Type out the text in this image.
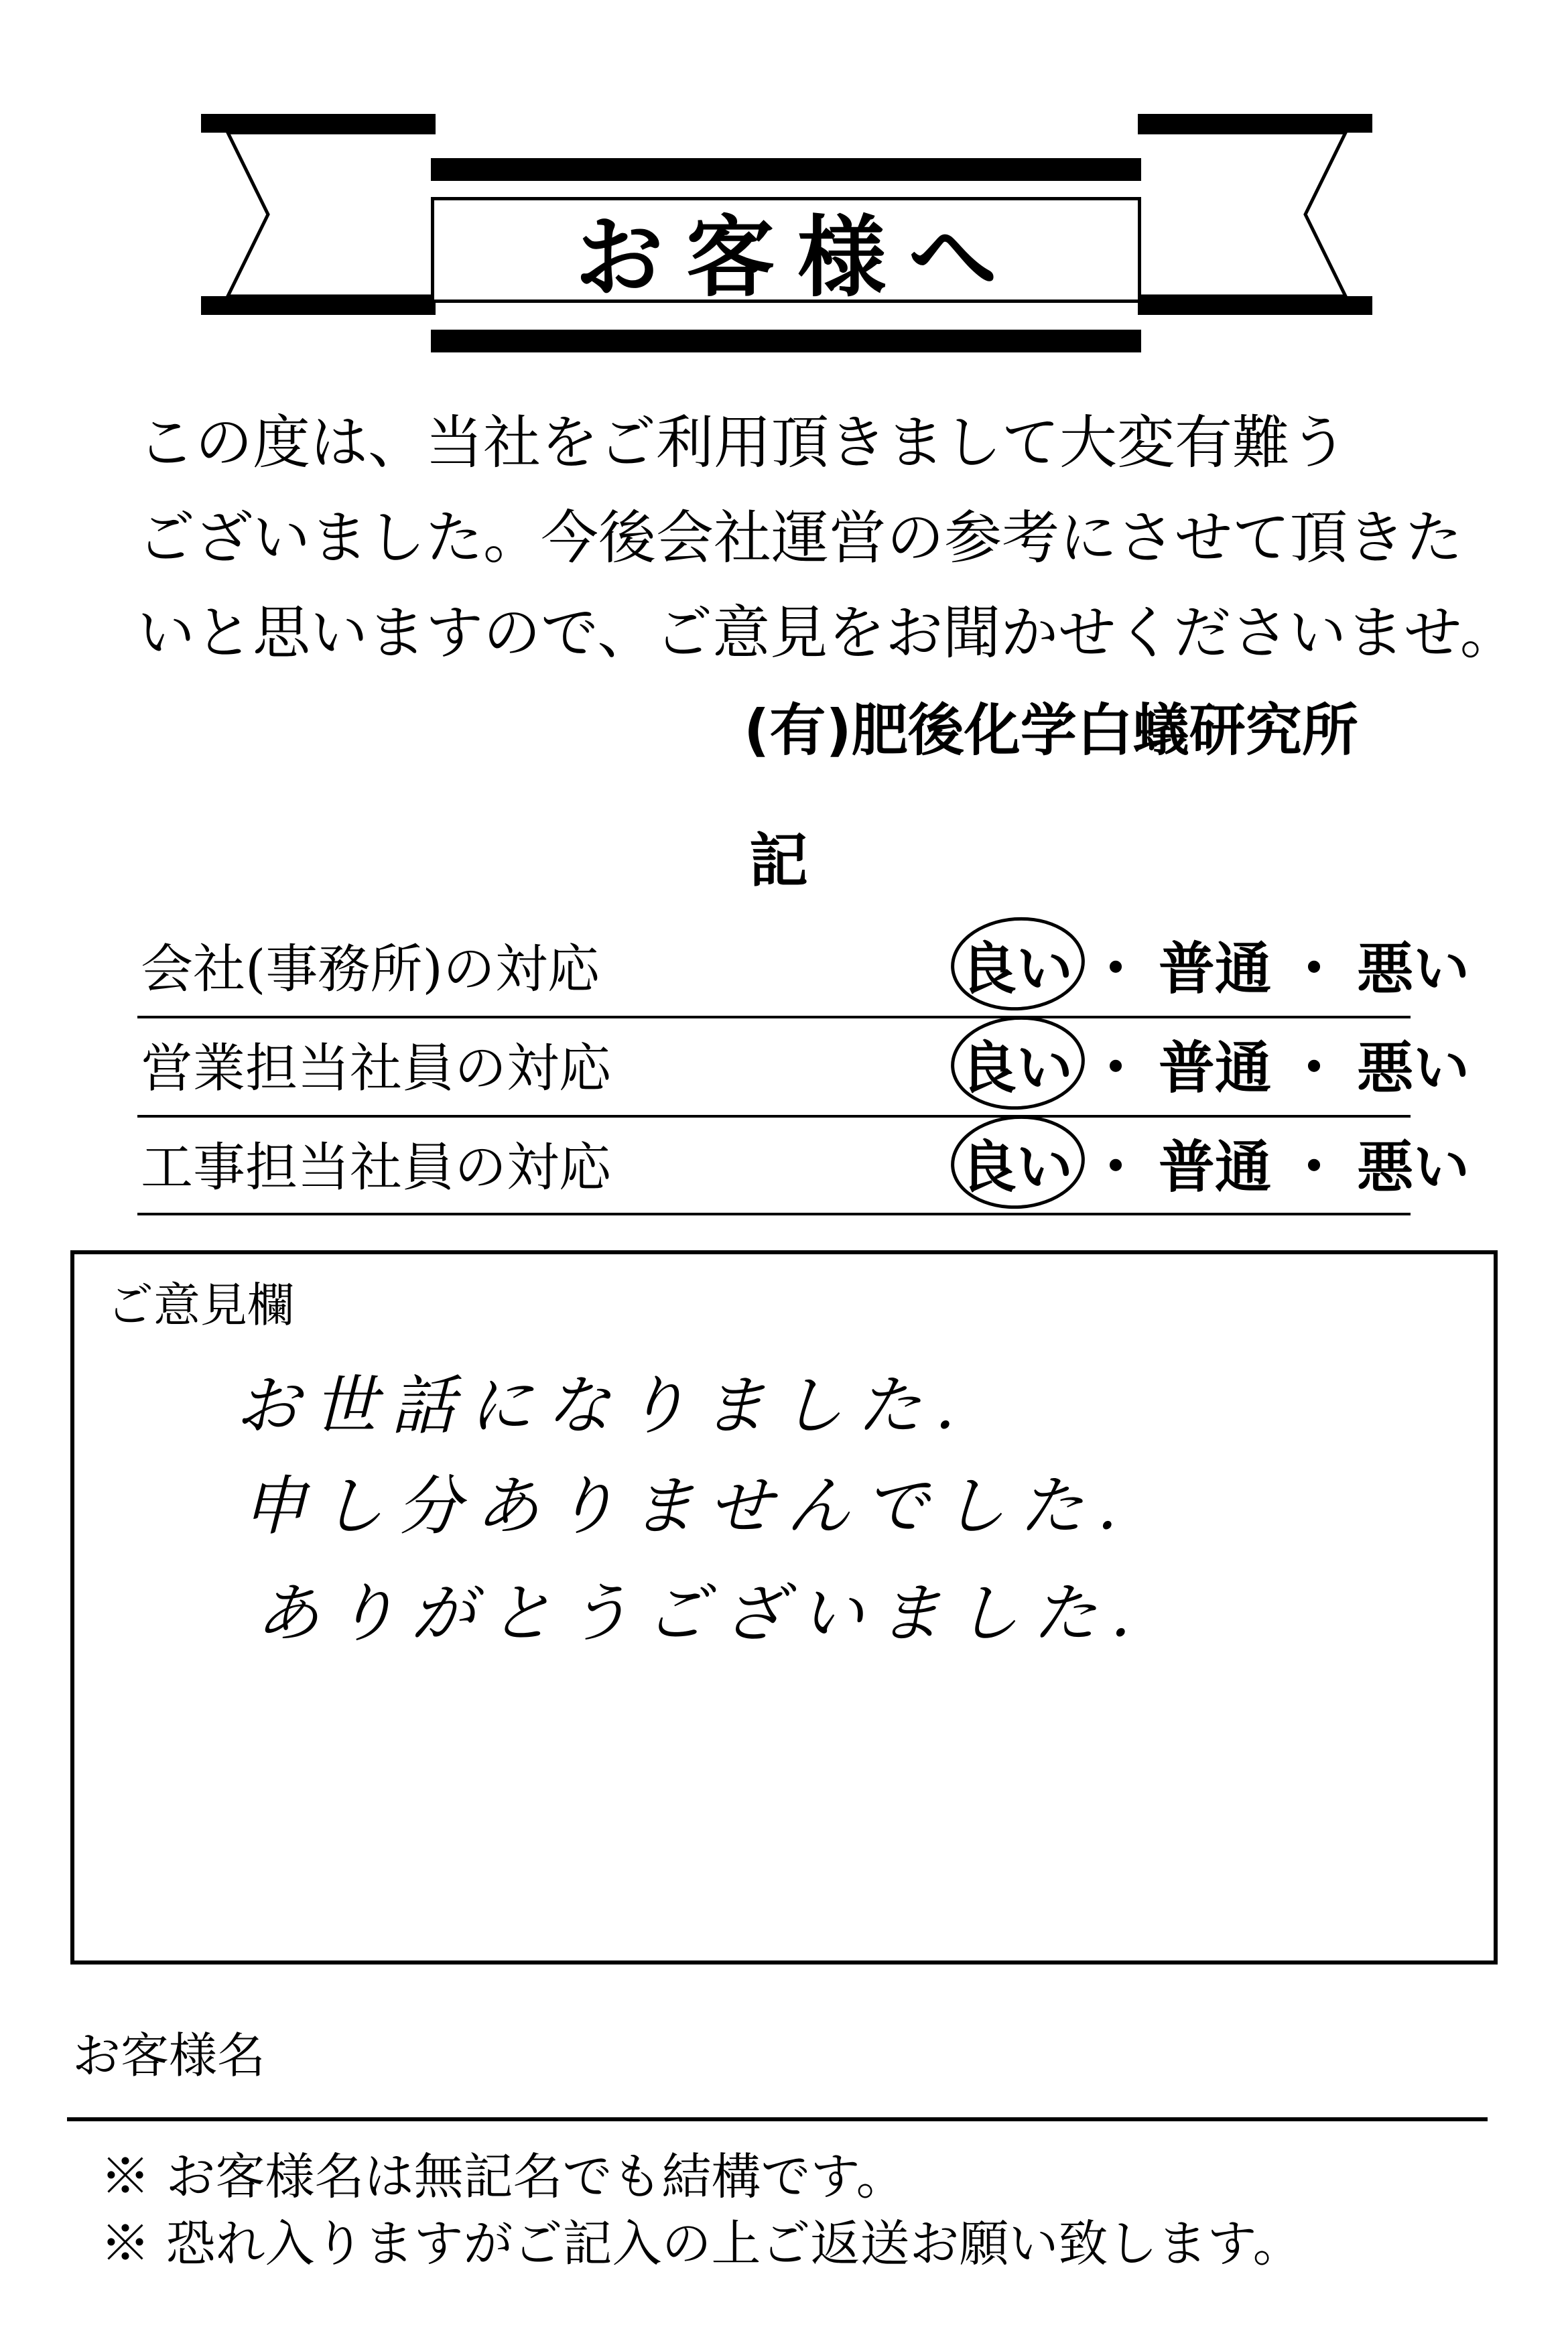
お客様へ
この度は、当社をご利用頂きまして大変有難う
ございました。今後会社運営の参考にさせて頂きた
いと思いますので、ご意見をお聞かせくださいませ。
(有)肥後化学白蟻研究所
記
会社(事務所)の対応	良い ・ 普通 ・ 悪い
営業担当社員の対応	良い ・ 普通 ・ 悪い
工事担当社員の対応	良い ・ 普通 ・ 悪い
ご意見欄
お世話になりました.
申し分ありませんでした.
ありがとうございました.
お客様名
※ お客様名は無記名でも結構です。
※ 恐れ入りますがご記入の上ご返送お願い致します。
